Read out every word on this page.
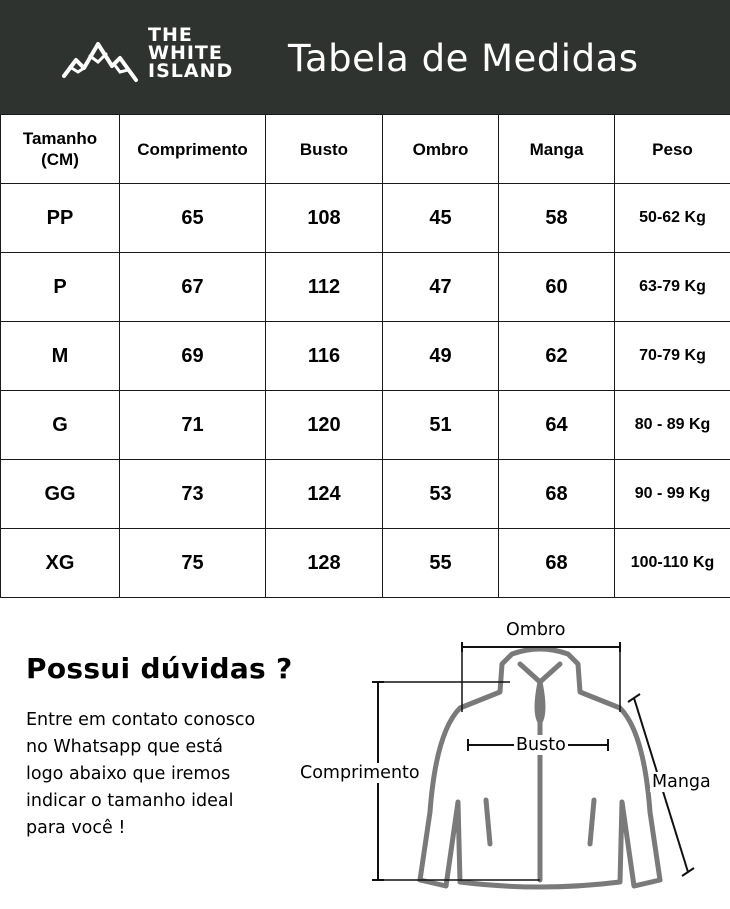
THE
WHITE
ISLAND Tabela de Medidas
Tamanho
(CM)	Comprimento	Busto	Ombro	Manga	Peso
PP	65	108	45	58	50-62 Kg
P	67	112	47	60	63-79 Kg
M	69	116	49	62	70-79 Kg
G	71	120	51	64	80 - 89 Kg
GG	73	124	53	68	90 - 99 Kg
XG	75	128	55	68	100-110 Kg
Possui dúvidas ?
Entre em contato conosco
no Whatsapp que está
logo abaixo que iremos
indicar o tamanho ideal
para você !
Ombro
Busto
Comprimento	Manga
